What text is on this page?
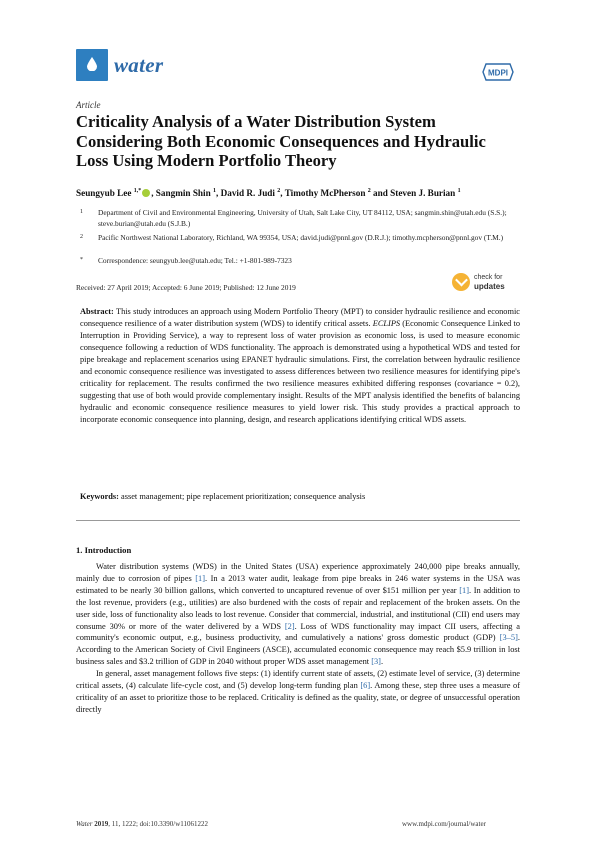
water	MDPI
Article
Criticality Analysis of a Water Distribution System Considering Both Economic Consequences and Hydraulic Loss Using Modern Portfolio Theory
Seungyub Lee $^{1,*}$ , Sangmin Shin $^1$, David R. Judi $^2$, Timothy McPherson $^2$ and Steven J. Burian $^1$
1 Department of Civil and Environmental Engineering, University of Utah, Salt Lake City, UT 84112, USA; sangmin.shin@utah.edu (S.S.); steve.burian@utah.edu (S.J.B.)
2 Pacific Northwest National Laboratory, Richland, WA 99354, USA; david.judi@pnnl.gov (D.R.J.); timothy.mcpherson@pnnl.gov (T.M.)
* Correspondence: seungyub.lee@utah.edu; Tel.: +1-801-989-7323
Received: 27 April 2019; Accepted: 6 June 2019; Published: 12 June 2019
check for
updates

Abstract: This study introduces an approach using Modern Portfolio Theory (MPT) to consider hydraulic resilience and economic consequence resilience of a water distribution system (WDS) to identify critical assets. ECLIPS (Economic Consequence Linked to Interruption in Providing Service), a way to represent loss of water provision as economic loss, is used to measure economic consequence following a reduction of WDS functionality. The approach is demonstrated using a hypothetical WDS and tested for pipe breakage and replacement scenarios using EPANET hydraulic simulations. First, the correlation between hydraulic resilience and economic consequence resilience was investigated to assess differences between two resilience measures for identifying pipe's criticality for replacement. The results confirmed the two resilience measures exhibited differing responses (covariance = 0.2), suggesting that use of both would provide complementary insight. Results of the MPT analysis identified the benefits of balancing hydraulic and economic consequence resilience measures to yield lower risk. This study provides a practical approach to incorporate economic consequence into planning, design, and research applications identifying critical WDS assets.

Keywords: asset management; pipe replacement prioritization; consequence analysis

1. Introduction

Water distribution systems (WDS) in the United States (USA) experience approximately 240,000 pipe breaks annually, mainly due to corrosion of pipes [1]. In a 2013 water audit, leakage from pipe breaks in 246 water systems in the USA was estimated to be nearly 30 billion gallons, which converted to uncaptured revenue of over $151 million per year [1]. In addition to the lost revenue, providers (e.g., utilities) are also burdened with the costs of repair and replacement of the broken assets. On the user side, loss of functionality also leads to lost revenue. Consider that commercial, industrial, and institutional (CII) end users may consume 30% or more of the water delivered by a WDS [2]. Loss of WDS functionality may impact CII users, affecting a community's economic output, e.g., business productivity, and cumulatively a nations' gross domestic product (GDP) [3–5]. According to the American Society of Civil Engineers (ASCE), accumulated economic consequence may reach $5.9 trillion in lost business sales and $3.2 trillion of GDP in 2040 without proper WDS asset management [3].

In general, asset management follows five steps: (1) identify current state of assets, (2) estimate level of service, (3) determine critical assets, (4) calculate life-cycle cost, and (5) develop long-term funding plan [6]. Among these, step three uses a measure of criticality of an asset to prioritize those to be replaced. Criticality is defined as the quality, state, or degree of unsuccessful operation directly

Water 2019, 11, 1222; doi:10.3390/w11061222	www.mdpi.com/journal/water
